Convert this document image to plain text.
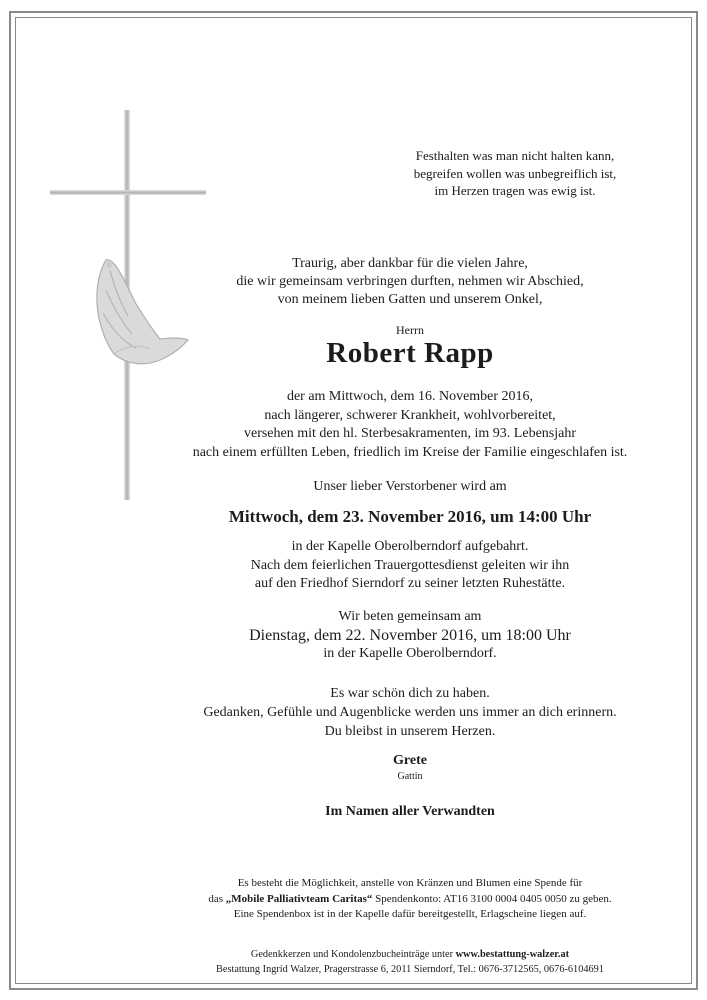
Festhalten was man nicht halten kann,
begreifen wollen was unbegreiflich ist,
im Herzen tragen was ewig ist.
Traurig, aber dankbar für die vielen Jahre,
die wir gemeinsam verbringen durften, nehmen wir Abschied,
von meinem lieben Gatten und unserem Onkel,
Herrn
Robert Rapp
der am Mittwoch, dem 16. November 2016,
nach längerer, schwerer Krankheit, wohlvorbereitet,
versehen mit den hl. Sterbesakramenten, im 93. Lebensjahr
nach einem erfüllten Leben, friedlich im Kreise der Familie eingeschlafen ist.
Unser lieber Verstorbener wird am
Mittwoch, dem 23. November 2016, um 14:00 Uhr
in der Kapelle Oberolberndorf aufgebahrt.
Nach dem feierlichen Trauergottesdienst geleiten wir ihn
auf den Friedhof Sierndorf zu seiner letzten Ruhestätte.
Wir beten gemeinsam am
Dienstag, dem 22. November 2016, um 18:00 Uhr
in der Kapelle Oberolberndorf.
Es war schön dich zu haben.
Gedanken, Gefühle und Augenblicke werden uns immer an dich erinnern.
Du bleibst in unserem Herzen.
Grete
Gattin
Im Namen aller Verwandten
Es besteht die Möglichkeit, anstelle von Kränzen und Blumen eine Spende für
das „Mobile Palliativteam Caritas“ Spendenkonto: AT16 3100 0004 0405 0050 zu geben.
Eine Spendenbox ist in der Kapelle dafür bereitgestellt, Erlagscheine liegen auf.
Gedenkkerzen und Kondolenzbucheinträge unter www.bestattung-walzer.at
Bestattung Ingrid Walzer, Pragerstrasse 6, 2011 Sierndorf, Tel.: 0676-3712565, 0676-6104691
